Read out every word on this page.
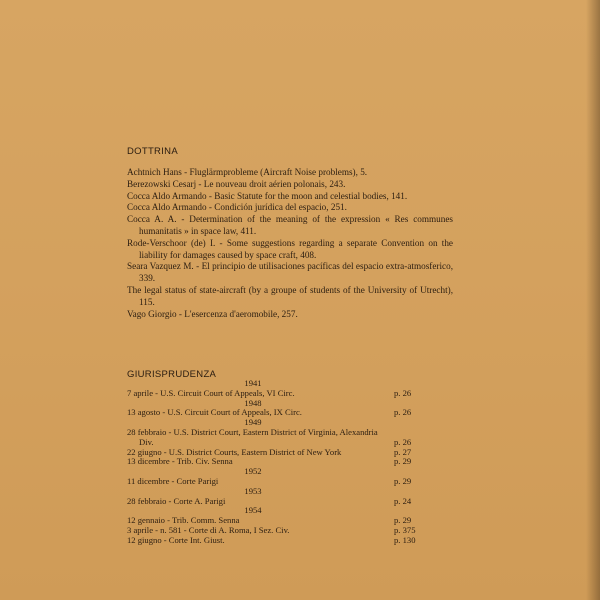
DOTTRINA

Achtnich Hans - Fluglärmprobleme (Aircraft Noise problems), 5.

Berezowski Cesarj - Le nouveau droit aérien polonais, 243.

Cocca Aldo Armando - Basic Statute for the moon and celestial bodies, 141.

Cocca Aldo Armando - Condición jurídica del espacio, 251.

Cocca A. A. - Determination of the meaning of the expression « Res communes humanitatis » in space law, 411.

Rode-Verschoor (de) I. - Some suggestions regarding a separate Convention on the liability for damages caused by space craft, 408.

Seara Vazquez M. - El principio de utilisaciones pacíficas del espacio extra-atmosferico, 339.

The legal status of state-aircraft (by a groupe of students of the University of Utrecht), 115.

Vago Giorgio - L'esercenza d'aeromobile, 257.

GIURISPRUDENZA
1941
7 aprile - U.S. Circuit Court of Appeals, VI Circ.	p. 26
1948
13 agosto - U.S. Circuit Court of Appeals, IX Circ.	p. 26
1949
28 febbraio - U.S. District Court, Eastern District of Virginia, Alexandria Div.	p. 26
22 giugno - U.S. District Courts, Eastern District of New York	p. 27
13 dicembre - Trib. Civ. Senna	p. 29
1952
11 dicembre - Corte Parigi	p. 29
1953
28 febbraio - Corte A. Parigi	p. 24
1954
12 gennaio - Trib. Comm. Senna	p. 29
3 aprile - n. 581 - Corte di A. Roma, I Sez. Civ.	p. 375
12 giugno - Corte Int. Giust.	p. 130
